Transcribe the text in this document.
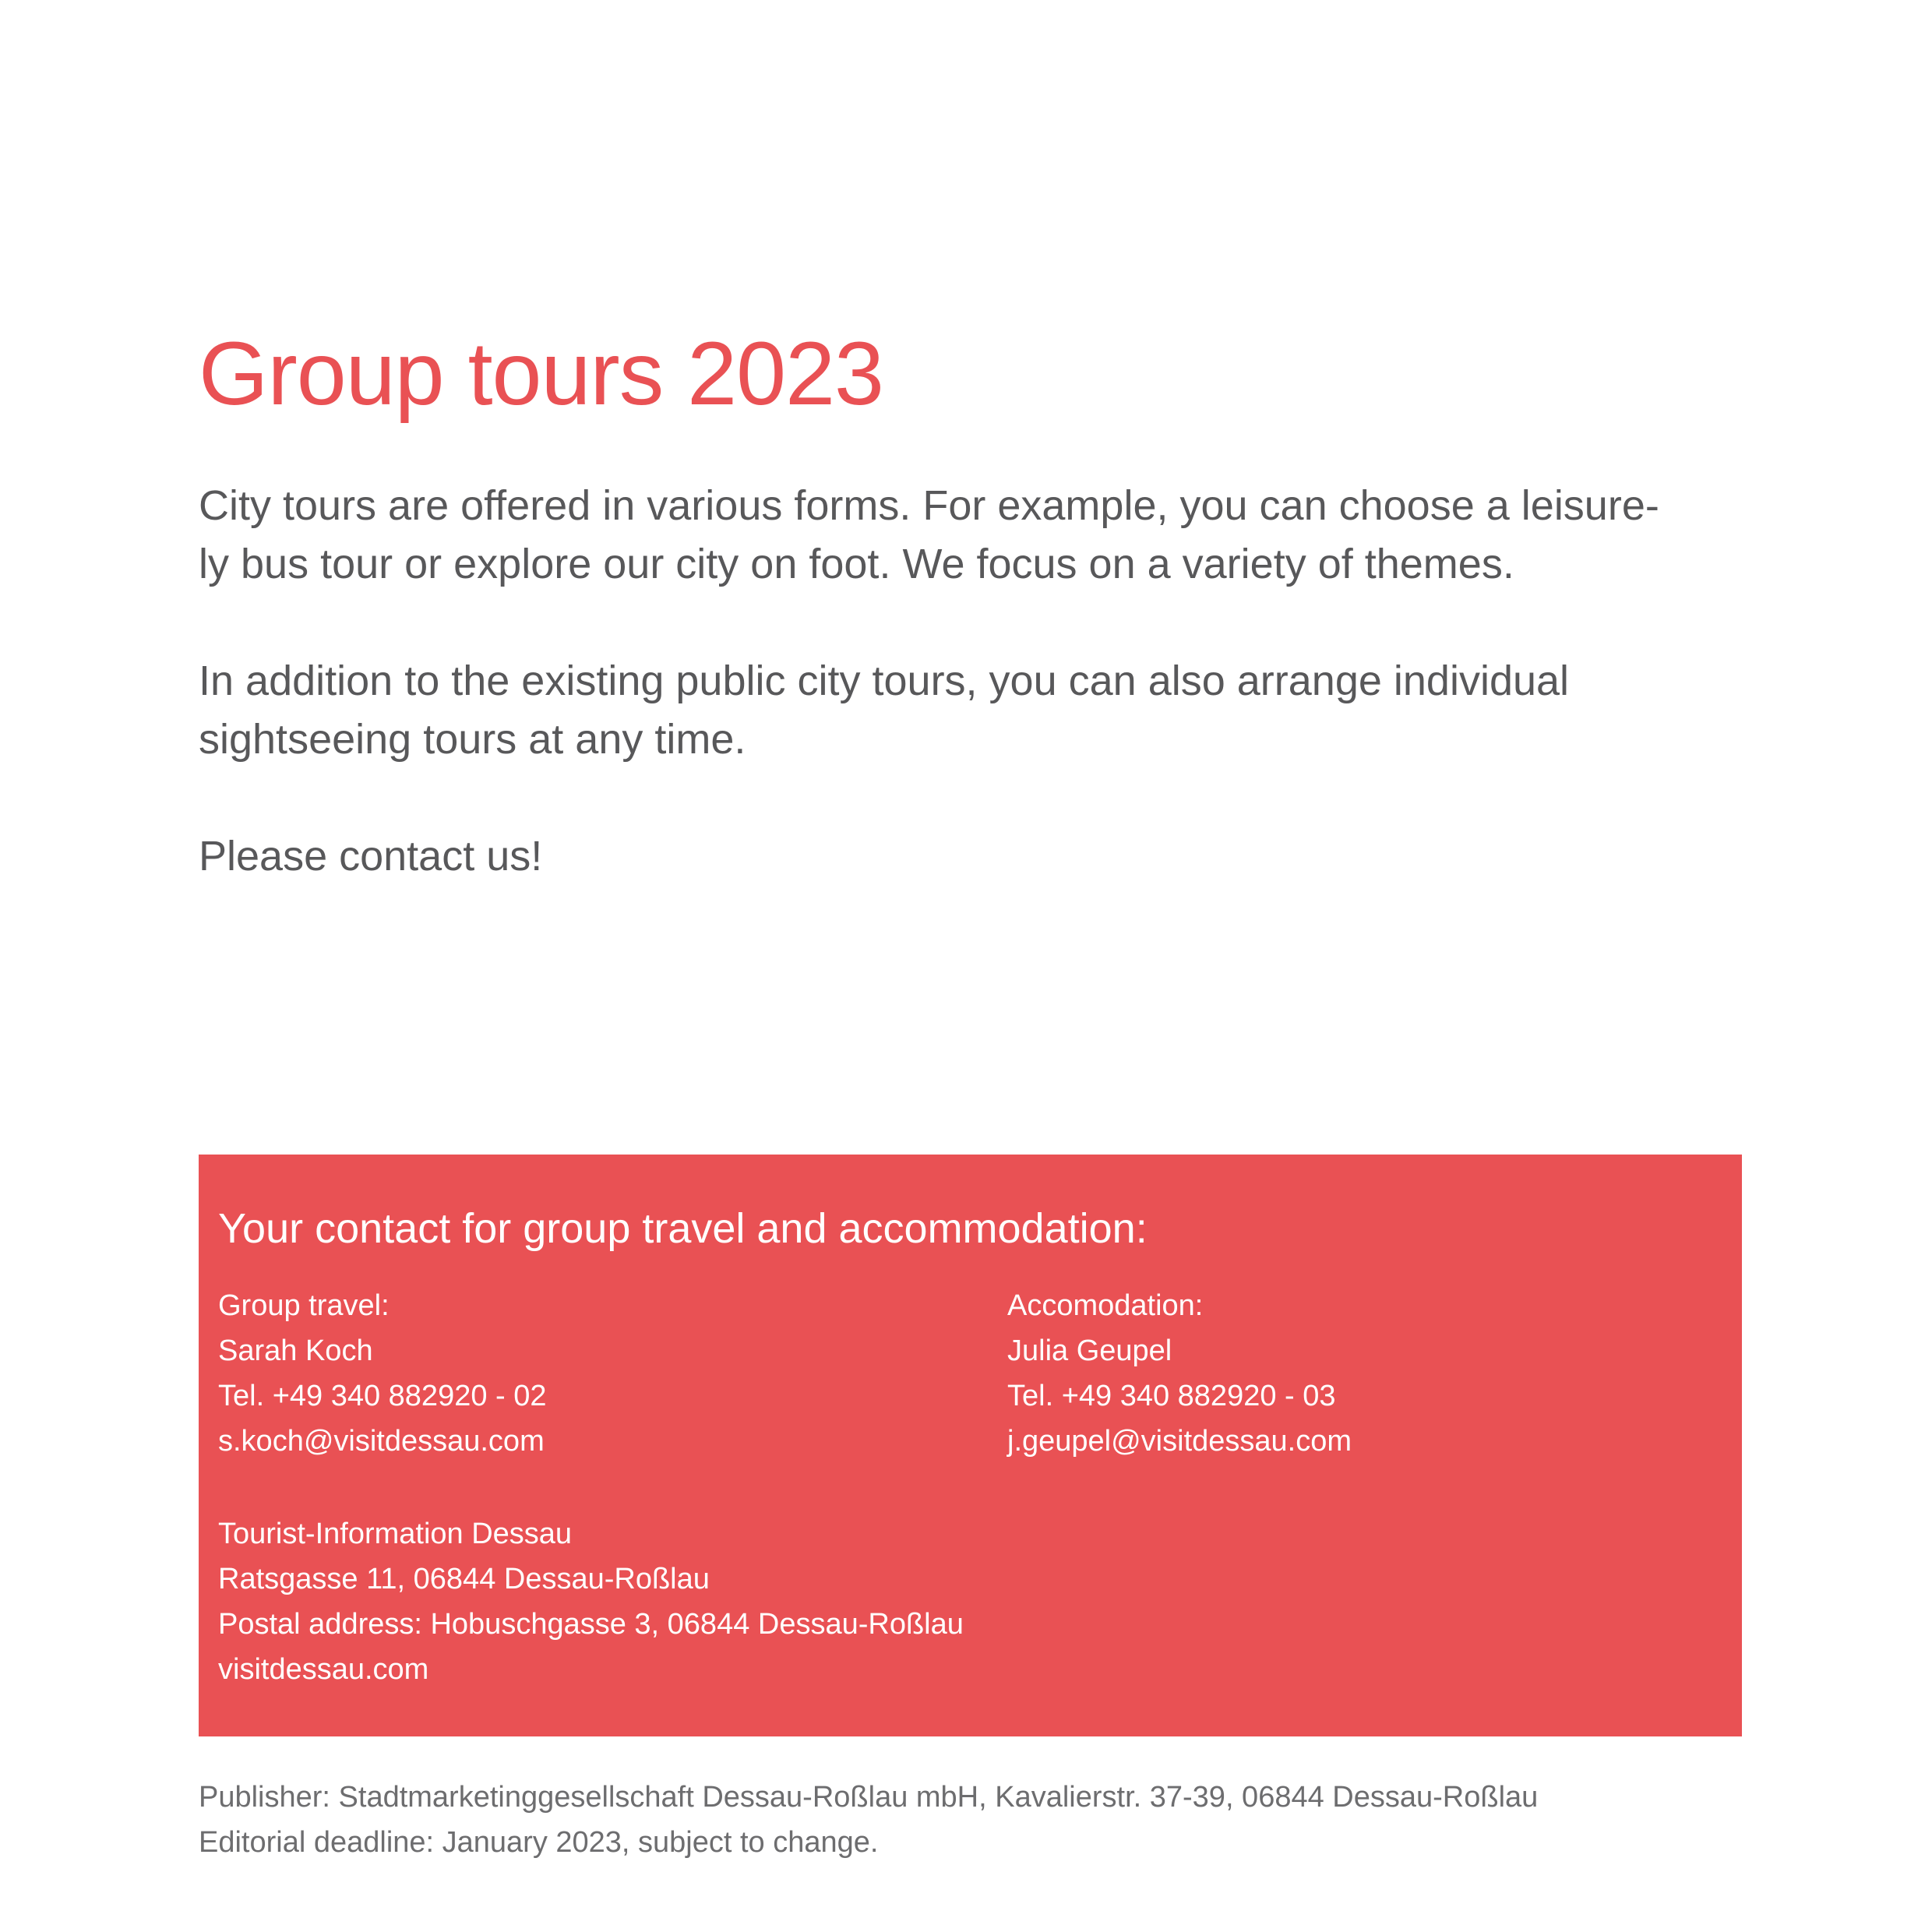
Group tours 2023

City tours are offered in various forms. For example, you can choose a leisure-
ly bus tour or explore our city on foot. We focus on a variety of themes.

In addition to the existing public city tours, you can also arrange individual
sightseeing tours at any time.

Please contact us!

Your contact for group travel and accommodation:
Group travel:
Sarah Koch
Tel. +49 340 882920 - 02
s.koch@visitdessau.com
Accomodation:
Julia Geupel
Tel. +49 340 882920 - 03
j.geupel@visitdessau.com
Tourist-Information Dessau
Ratsgasse 11, 06844 Dessau-Roßlau
Postal address: Hobuschgasse 3, 06844 Dessau-Roßlau
visitdessau.com
Publisher: Stadtmarketinggesellschaft Dessau-Roßlau mbH, Kavalierstr. 37-39, 06844 Dessau-Roßlau
Editorial deadline: January 2023, subject to change.
